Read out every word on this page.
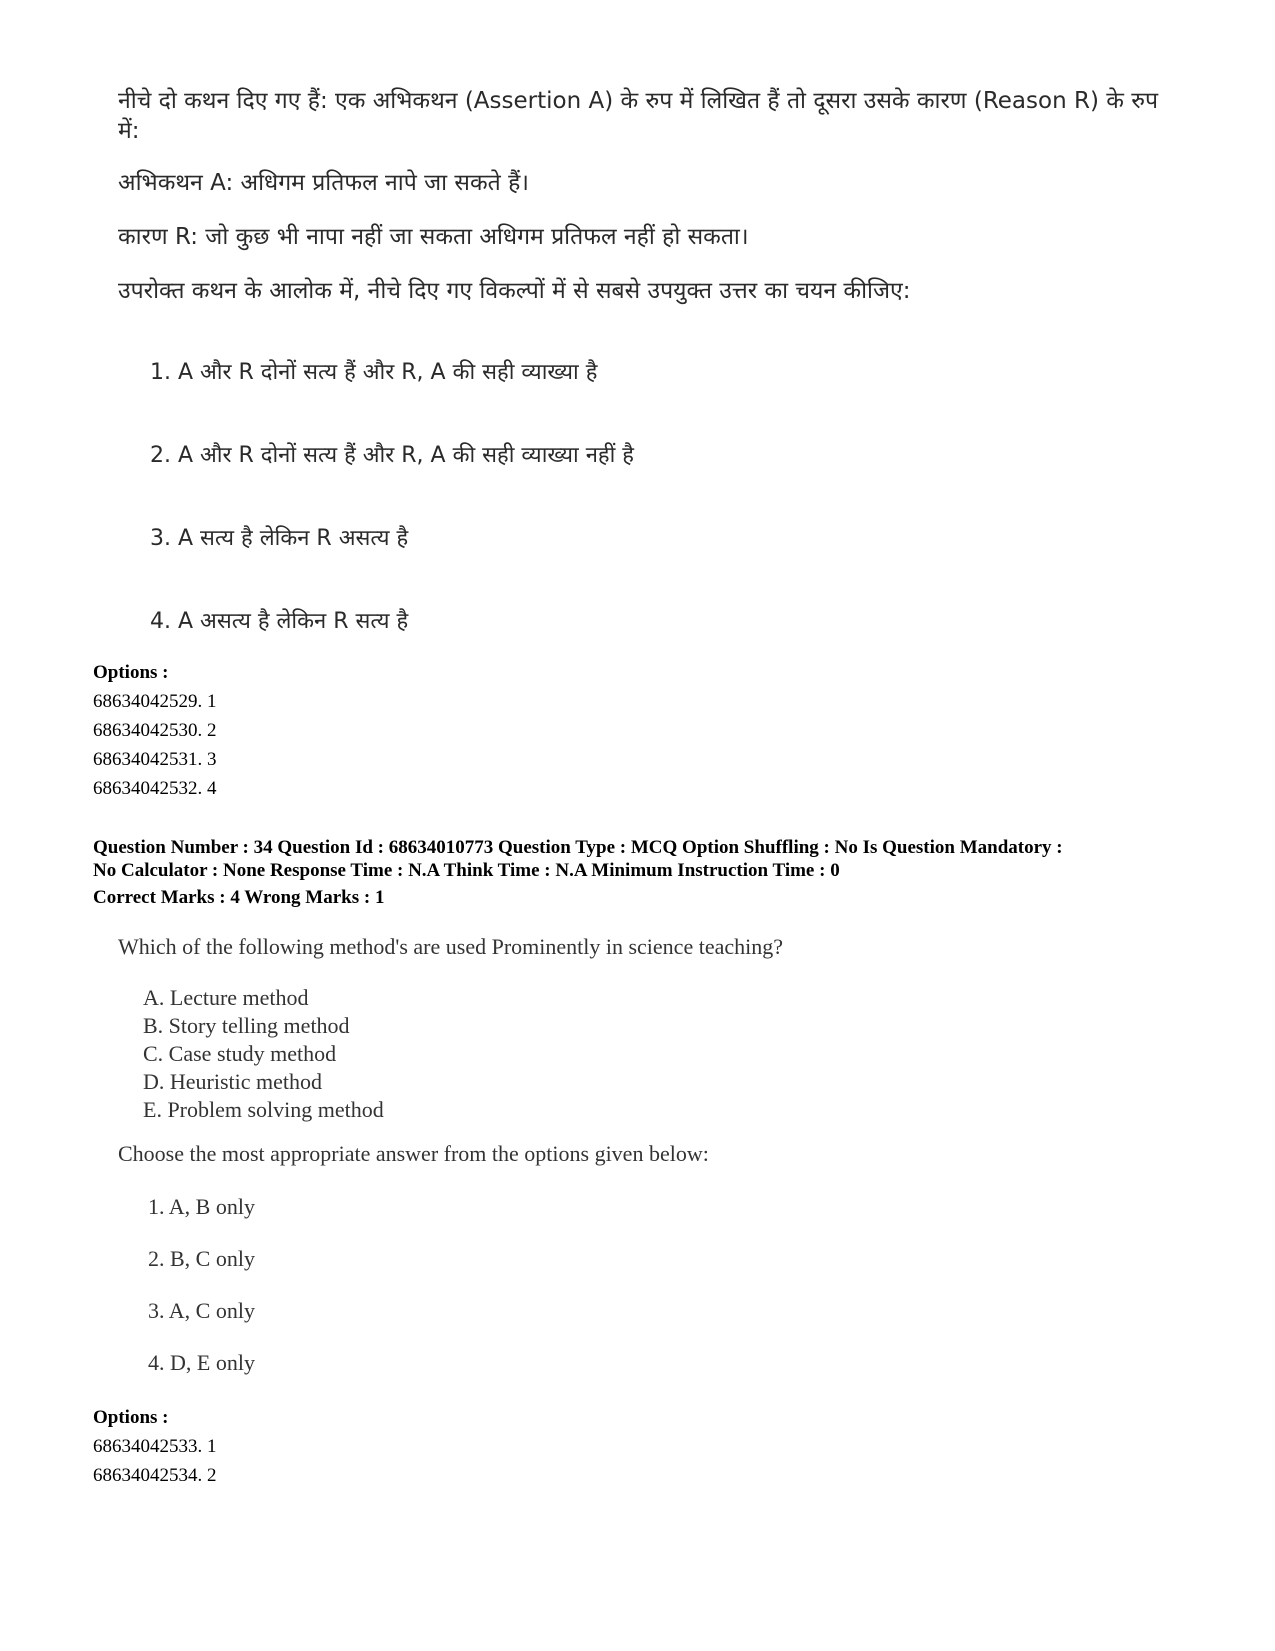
नीचे दो कथन दिए गए हैं: एक अभिकथन (Assertion A) के रुप में लिखित हैं तो दूसरा उसके कारण (Reason R) के रुप में:
अभिकथन A: अधिगम प्रतिफल नापे जा सकते हैं।
कारण R: जो कुछ भी नापा नहीं जा सकता अधिगम प्रतिफल नहीं हो सकता।
उपरोक्त कथन के आलोक में, नीचे दिए गए विकल्पों में से सबसे उपयुक्त उत्तर का चयन कीजिए:
1. A और R दोनों सत्य हैं और R, A की सही व्याख्या है
2. A और R दोनों सत्य हैं और R, A की सही व्याख्या नहीं है
3. A सत्य है लेकिन R असत्य है
4. A असत्य है लेकिन R सत्य है
Options :
68634042529. 1
68634042530. 2
68634042531. 3
68634042532. 4
Question Number : 34 Question Id : 68634010773 Question Type : MCQ Option Shuffling : No Is Question Mandatory :
No Calculator : None Response Time : N.A Think Time : N.A Minimum Instruction Time : 0
Correct Marks : 4 Wrong Marks : 1
Which of the following method's are used Prominently in science teaching?
A. Lecture method
B. Story telling method
C. Case study method
D. Heuristic method
E. Problem solving method
Choose the most appropriate answer from the options given below:
1. A, B only
2. B, C only
3. A, C only
4. D, E only
Options :
68634042533. 1
68634042534. 2
